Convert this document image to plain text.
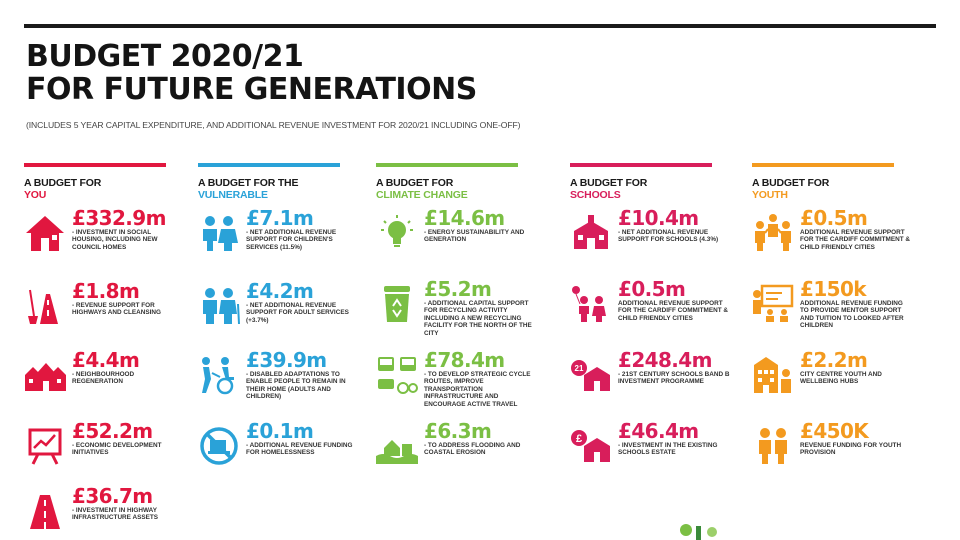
BUDGET 2020/21
FOR FUTURE GENERATIONS
(INCLUDES 5 YEAR CAPITAL EXPENDITURE, AND ADDITIONAL REVENUE INVESTMENT FOR 2020/21 INCLUDING ONE-OFF)
A BUDGET FOR
YOU
A BUDGET FOR THE
VULNERABLE
A BUDGET FOR
CLIMATE CHANGE
A BUDGET FOR
SCHOOLS
A BUDGET FOR
YOUTH
£332.9m
- INVESTMENT IN SOCIAL HOUSING, INCLUDING NEW COUNCIL HOMES
£1.8m
- REVENUE SUPPORT FOR HIGHWAYS AND CLEANSING
£4.4m
- NEIGHBOURHOOD REGENERATION
£52.2m
- ECONOMIC DEVELOPMENT INITIATIVES
£36.7m
- INVESTMENT IN HIGHWAY INFRASTRUCTURE ASSETS
£7.1m
- NET ADDITIONAL REVENUE SUPPORT FOR CHILDREN'S SERVICES (11.5%)
£4.2m
- NET ADDITIONAL REVENUE SUPPORT FOR ADULT SERVICES (+3.7%)
£39.9m
- DISABLED ADAPTATIONS TO ENABLE PEOPLE TO REMAIN IN THEIR HOME (ADULTS AND CHILDREN)
£0.1m
- ADDITIONAL REVENUE FUNDING FOR HOMELESSNESS
£14.6m
- ENERGY SUSTAINABILITY AND GENERATION
£5.2m
- ADDITIONAL CAPITAL SUPPORT FOR RECYCLING ACTIVITY INCLUDING A NEW RECYCLING FACILITY FOR THE NORTH OF THE CITY
£78.4m
- TO DEVELOP STRATEGIC CYCLE ROUTES, IMPROVE TRANSPORTATION INFRASTRUCTURE AND ENCOURAGE ACTIVE TRAVEL
£6.3m
- TO ADDRESS FLOODING AND COASTAL EROSION
£10.4m
- NET ADDITIONAL REVENUE SUPPORT FOR SCHOOLS (4.3%)
£0.5m
ADDITIONAL REVENUE SUPPORT FOR THE CARDIFF COMMITMENT & CHILD FRIENDLY CITIES
21 £248.4m
- 21ST CENTURY SCHOOLS BAND B INVESTMENT PROGRAMME
£ £46.4m
- INVESTMENT IN THE EXISTING SCHOOLS ESTATE
£0.5m
ADDITIONAL REVENUE SUPPORT FOR THE CARDIFF COMMITMENT & CHILD FRIENDLY CITIES
£150k
ADDITIONAL REVENUE FUNDING TO PROVIDE MENTOR SUPPORT AND TUITION TO LOOKED AFTER CHILDREN
£2.2m
CITY CENTRE YOUTH AND WELLBEING HUBS
£450K
REVENUE FUNDING FOR YOUTH PROVISION
